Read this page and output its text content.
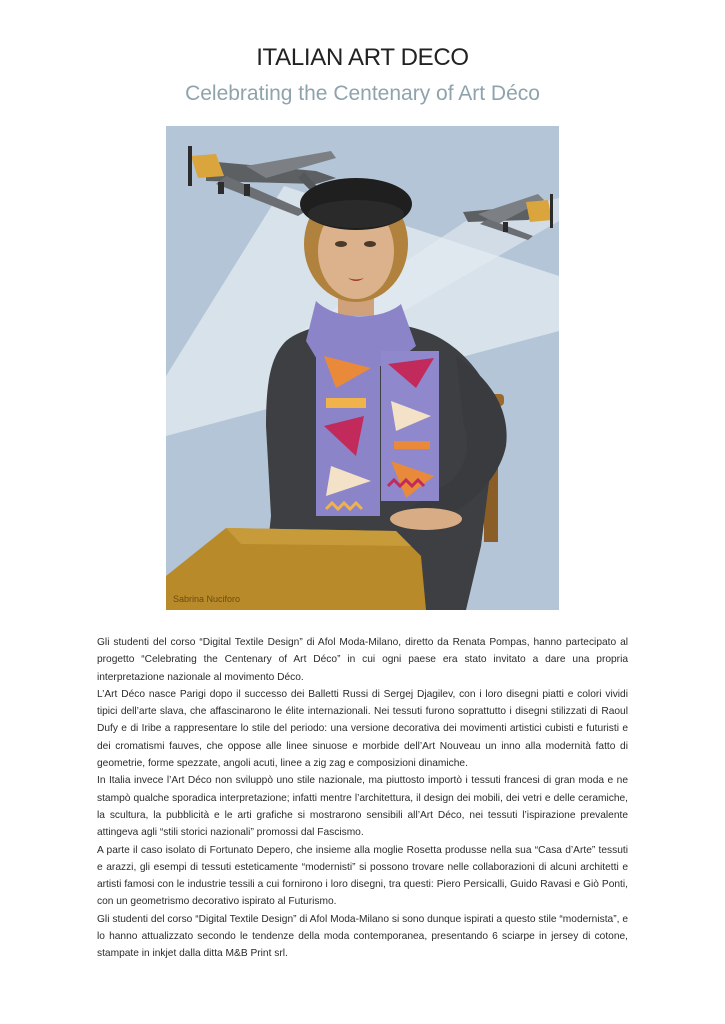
ITALIAN ART DECO
Celebrating the Centenary of Art Déco
Sabrina Nuciforo

Gli studenti del corso “Digital Textile Design” di Afol Moda-Milano, diretto da Renata Pompas, hanno partecipato al progetto “Celebrating the Centenary of Art Déco” in cui ogni paese era stato invitato a dare una propria interpretazione nazionale al movimento Déco.

L’Art Déco nasce Parigi dopo il successo dei Balletti Russi di Sergej Djagilev, con i loro disegni piatti e colori vividi tipici dell’arte slava, che affascinarono le élite internazionali. Nei tessuti furono soprattutto i disegni stilizzati di Raoul Dufy e di Iribe a rappresentare lo stile del periodo: una versione decorativa dei movimenti artistici cubisti e futuristi e dei cromatismi fauves, che oppose alle linee sinuose e morbide dell’Art Nouveau un inno alla modernità fatto di geometrie, forme spezzate, angoli acuti, linee a zig zag e composizioni dinamiche.

In Italia invece l’Art Déco non sviluppò uno stile nazionale, ma piuttosto importò i tessuti francesi di gran moda e ne stampò qualche sporadica interpretazione; infatti mentre l’architettura, il design dei mobili, dei vetri e delle ceramiche, la scultura, la pubblicità e le arti grafiche si mostrarono sensibili all’Art Déco, nei tessuti l’ispirazione prevalente attingeva agli “stili storici nazionali” promossi dal Fascismo.

A parte il caso isolato di Fortunato Depero, che insieme alla moglie Rosetta produsse nella sua “Casa d’Arte” tessuti e arazzi, gli esempi di tessuti esteticamente “modernisti” si possono trovare nelle collaborazioni di alcuni architetti e artisti famosi con le industrie tessili a cui fornirono i loro disegni, tra questi: Piero Persicalli, Guido Ravasi e Giò Ponti, con un geometrismo decorativo ispirato al Futurismo.

Gli studenti del corso “Digital Textile Design” di Afol Moda-Milano si sono dunque ispirati a questo stile “modernista”, e lo hanno attualizzato secondo le tendenze della moda contemporanea, presentando 6 sciarpe in jersey di cotone, stampate in inkjet dalla ditta M&B Print srl.
